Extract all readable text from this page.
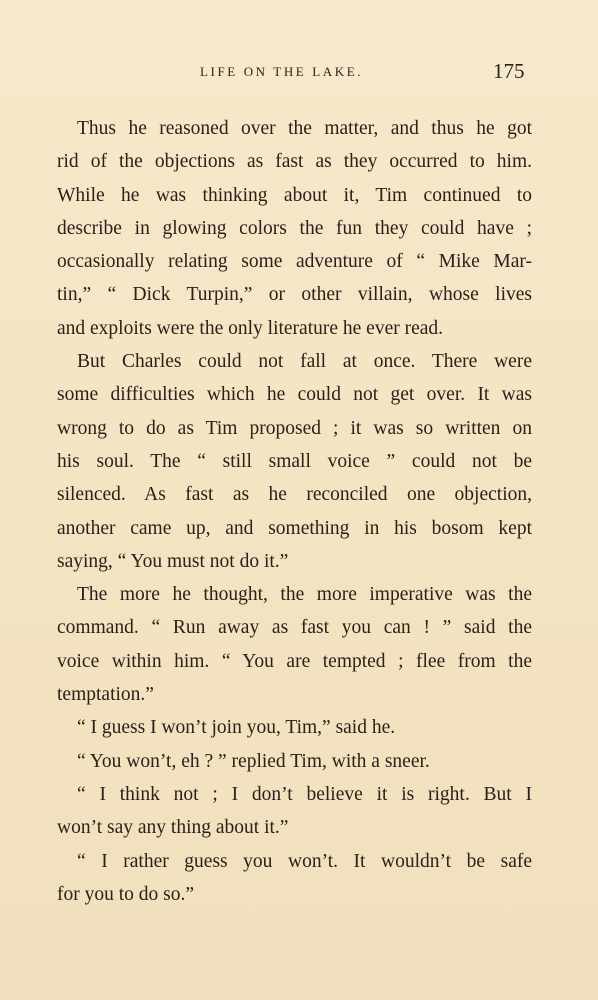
LIFE ON THE LAKE.	175
Thus he reasoned over the matter, and thus he got
rid of the objections as fast as they occurred to him.
While he was thinking about it, Tim continued to
describe in glowing colors the fun they could have ;
occasionally relating some adventure of “ Mike Mar-
tin,” “ Dick Turpin,” or other villain, whose lives
and exploits were the only literature he ever read.
But Charles could not fall at once. There were
some difficulties which he could not get over. It was
wrong to do as Tim proposed ; it was so written on
his soul. The “ still small voice ” could not be
silenced. As fast as he reconciled one objection,
another came up, and something in his bosom kept
saying, “ You must not do it.”
The more he thought, the more imperative was the
command. “ Run away as fast you can ! ” said the
voice within him. “ You are tempted ; flee from the
temptation.”
“ I guess I won’t join you, Tim,” said he.
“ You won’t, eh ? ” replied Tim, with a sneer.
“ I think not ; I don’t believe it is right. But I
won’t say any thing about it.”
“ I rather guess you won’t. It wouldn’t be safe
for you to do so.”
